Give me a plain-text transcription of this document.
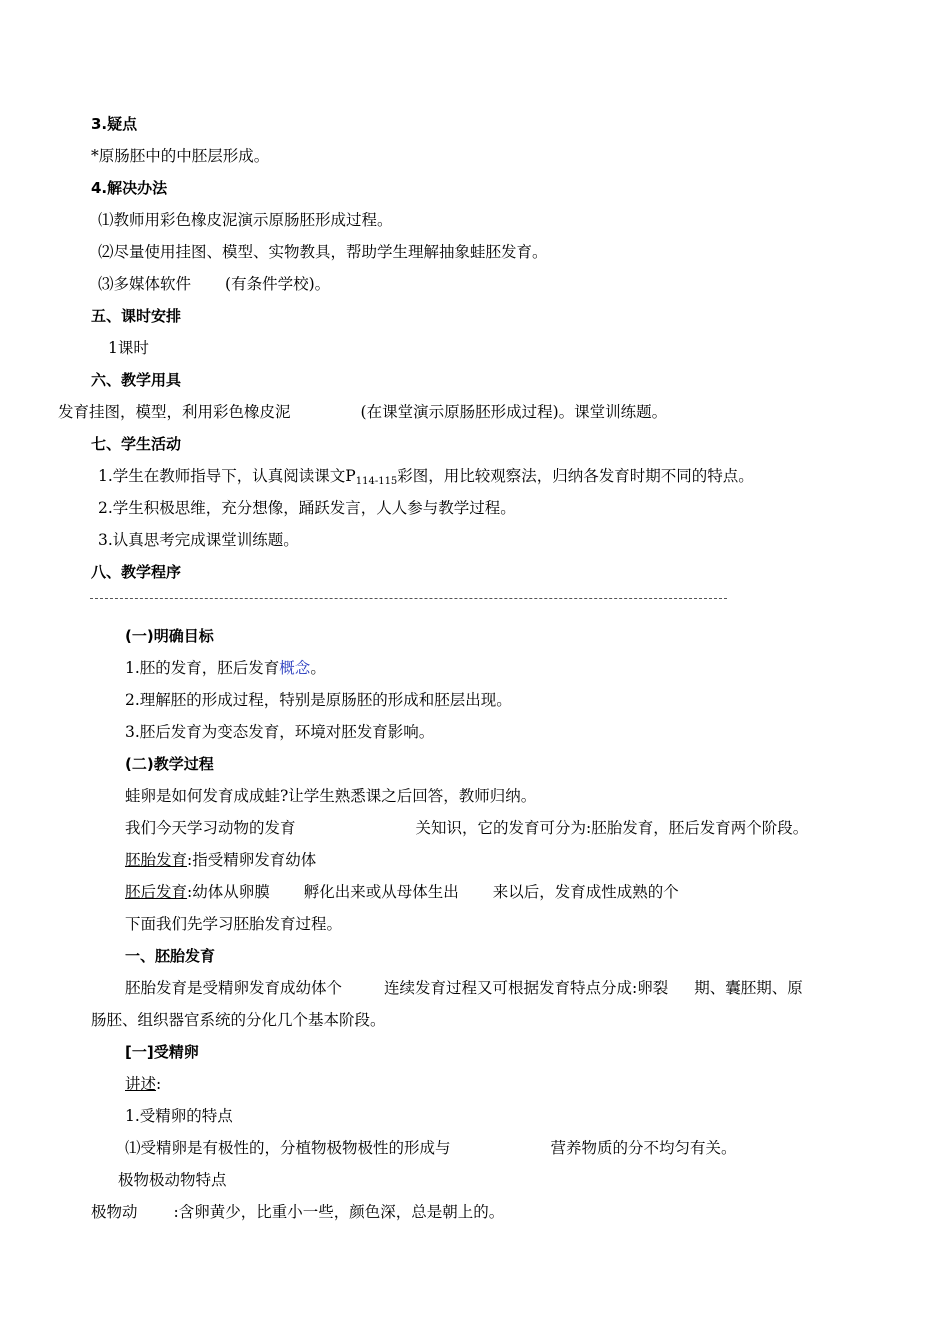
3.疑点
*原肠胚中的中胚层形成。
4.解决办法
⑴教师用彩色橡皮泥演示原肠胚形成过程。
⑵尽量使用挂图、模型、实物教具，帮助学生理解抽象蛙胚发育。
⑶多媒体软件 (有条件学校)。
五、课时安排
1课时
六、教学用具
发育挂图，模型，利用彩色橡皮泥	(在课堂演示原肠胚形成过程)。课堂训练题。
七、学生活动
1.学生在教师指导下，认真阅读课文$P_{114-115}$彩图，用比较观察法，归纳各发育时期不同的特点。
2.学生积极思维，充分想像，踊跃发言，人人参与教学过程。
3.认真思考完成课堂训练题。
八、教学程序
(一)明确目标
1.胚的发育，胚后发育概念。
2.理解胚的形成过程，特别是原肠胚的形成和胚层出现。
3.胚后发育为变态发育，环境对胚发育影响。
(二)教学过程
蛙卵是如何发育成成蛙?让学生熟悉课之后回答，教师归纳。
我们今天学习动物的发育	关知识，它的发育可分为:胚胎发育，胚后发育两个阶段。
胚胎发育:指受精卵发育幼体
胚后发育:幼体从卵膜 孵化出来或从母体生出 来以后，发育成性成熟的个
下面我们先学习胚胎发育过程。
一、胚胎发育
胚胎发育是受精卵发育成幼体个	连续发育过程又可根据发育特点分成:卵裂 期、囊胚期、原
肠胚、组织器官系统的分化几个基本阶段。
[一]受精卵
讲述:
1.受精卵的特点
⑴受精卵是有极性的，分植物极物极性的形成与	营养物质的分不均匀有关。
极物极动物特点
极物动 :含卵黄少，比重小一些，颜色深，总是朝上的。
